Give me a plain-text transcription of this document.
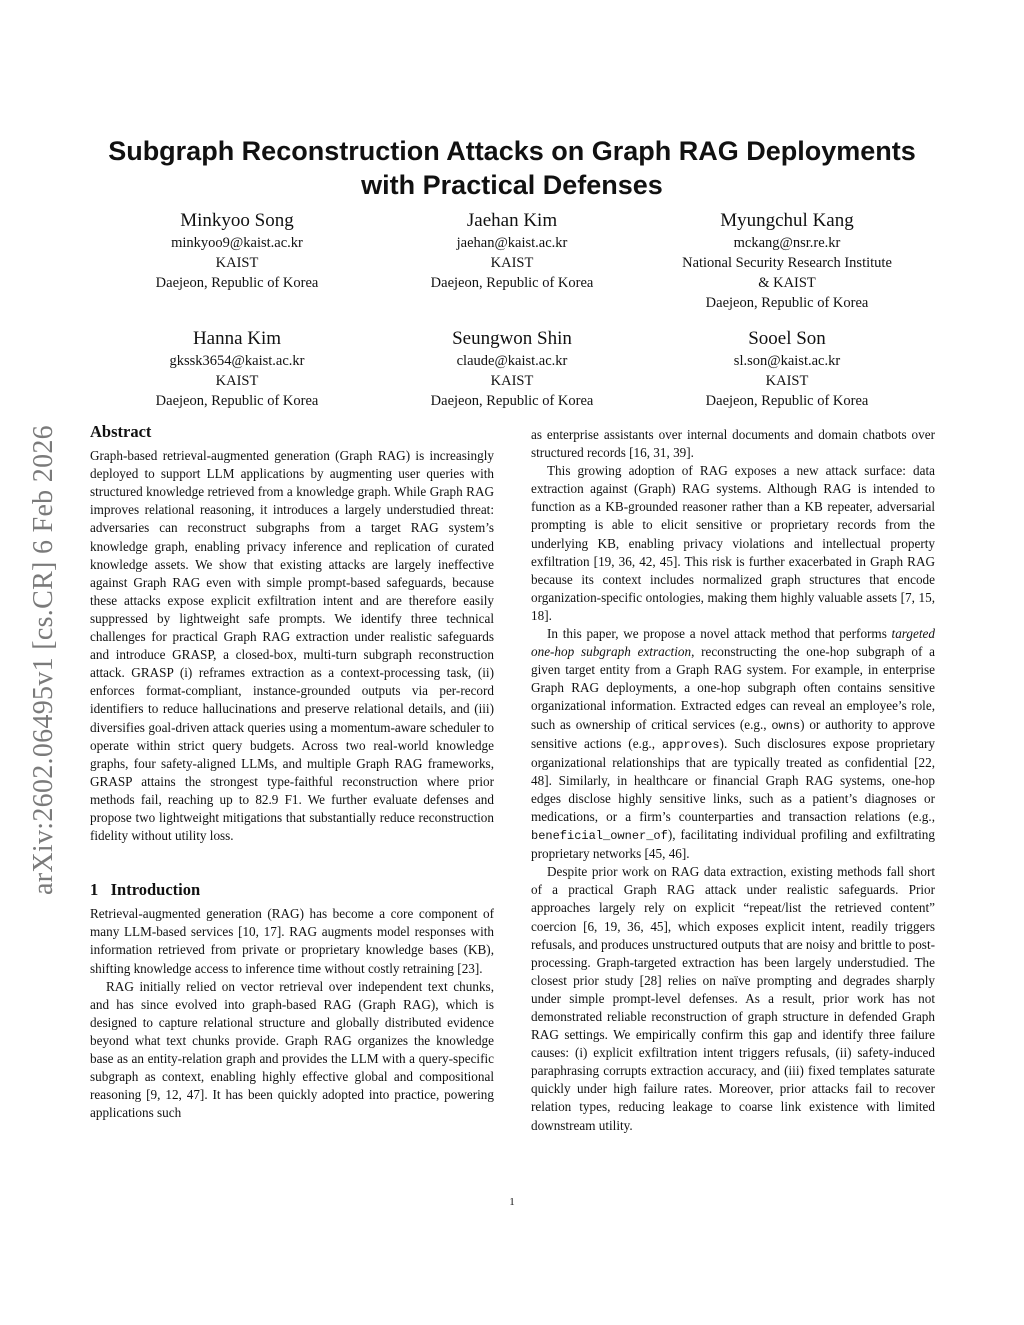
arXiv:2602.06495v1 [cs.CR] 6 Feb 2026
Subgraph Reconstruction Attacks on Graph RAG Deployments
with Practical Defenses
Minkyoo Song
minkyoo9@kaist.ac.kr
KAIST
Daejeon, Republic of Korea
Jaehan Kim
jaehan@kaist.ac.kr
KAIST
Daejeon, Republic of Korea
Myungchul Kang
mckang@nsr.re.kr
National Security Research Institute
& KAIST
Daejeon, Republic of Korea
Hanna Kim
gkssk3654@kaist.ac.kr
KAIST
Daejeon, Republic of Korea
Seungwon Shin
claude@kaist.ac.kr
KAIST
Daejeon, Republic of Korea
Sooel Son
sl.son@kaist.ac.kr
KAIST
Daejeon, Republic of Korea
Abstract

Graph-based retrieval-augmented generation (Graph RAG) is increasingly deployed to support LLM applications by augmenting user queries with structured knowledge retrieved from a knowledge graph. While Graph RAG improves relational reasoning, it introduces a largely understudied threat: adversaries can reconstruct subgraphs from a target RAG system’s knowledge graph, enabling privacy inference and replication of curated knowledge assets. We show that existing attacks are largely ineffective against Graph RAG even with simple prompt-based safeguards, because these attacks expose explicit exfiltration intent and are therefore easily suppressed by lightweight safe prompts. We identify three technical challenges for practical Graph RAG extraction under realistic safeguards and introduce GRASP, a closed-box, multi-turn subgraph reconstruction attack. GRASP (i) reframes extraction as a context-processing task, (ii) enforces format-compliant, instance-grounded outputs via per-record identifiers to reduce hallucinations and preserve relational details, and (iii) diversifies goal-driven attack queries using a momentum-aware scheduler to operate within strict query budgets. Across two real-world knowledge graphs, four safety-aligned LLMs, and multiple Graph RAG frameworks, GRASP attains the strongest type-faithful reconstruction where prior methods fail, reaching up to 82.9 F1. We further evaluate defenses and propose two lightweight mitigations that substantially reduce reconstruction fidelity without utility loss.

1 Introduction

Retrieval-augmented generation (RAG) has become a core component of many LLM-based services [10, 17]. RAG augments model responses with information retrieved from private or proprietary knowledge bases (KB), shifting knowledge access to inference time without costly retraining [23].

RAG initially relied on vector retrieval over independent text chunks, and has since evolved into graph-based RAG (Graph RAG), which is designed to capture relational structure and globally distributed evidence beyond what text chunks provide. Graph RAG organizes the knowledge base as an entity-relation graph and provides the LLM with a query-specific subgraph as context, enabling highly effective global and compositional reasoning [9, 12, 47]. It has been quickly adopted into practice, powering applications such

as enterprise assistants over internal documents and domain chatbots over structured records [16, 31, 39].

This growing adoption of RAG exposes a new attack surface: data extraction against (Graph) RAG systems. Although RAG is intended to function as a KB-grounded reasoner rather than a KB repeater, adversarial prompting is able to elicit sensitive or proprietary records from the underlying KB, enabling privacy violations and intellectual property exfiltration [19, 36, 42, 45]. This risk is further exacerbated in Graph RAG because its context includes normalized graph structures that encode organization-specific ontologies, making them highly valuable assets [7, 15, 18].

In this paper, we propose a novel attack method that performs targeted one-hop subgraph extraction, reconstructing the one-hop subgraph of a given target entity from a Graph RAG system. For example, in enterprise Graph RAG deployments, a one-hop subgraph often contains sensitive organizational information. Extracted edges can reveal an employee’s role, such as ownership of critical services (e.g., owns) or authority to approve sensitive actions (e.g., approves). Such disclosures expose proprietary organizational relationships that are typically treated as confidential [22, 48]. Similarly, in healthcare or financial Graph RAG systems, one-hop edges disclose highly sensitive links, such as a patient’s diagnoses or medications, or a firm’s counterparties and transaction relations (e.g., beneficial_owner_of), facilitating individual profiling and exfiltrating proprietary networks [45, 46].

Despite prior work on RAG data extraction, existing methods fall short of a practical Graph RAG attack under realistic safeguards. Prior approaches largely rely on explicit “repeat/list the retrieved content” coercion [6, 19, 36, 45], which exposes explicit intent, readily triggers refusals, and produces unstructured outputs that are noisy and brittle to post-processing. Graph-targeted extraction has been largely understudied. The closest prior study [28] relies on naïve prompting and degrades sharply under simple prompt-level defenses. As a result, prior work has not demonstrated reliable reconstruction of graph structure in defended Graph RAG settings. We empirically confirm this gap and identify three failure causes: (i) explicit exfiltration intent triggers refusals, (ii) safety-induced paraphrasing corrupts extraction accuracy, and (iii) fixed templates saturate quickly under high failure rates. Moreover, prior attacks fail to recover relation types, reducing leakage to coarse link existence with limited downstream utility.

1
